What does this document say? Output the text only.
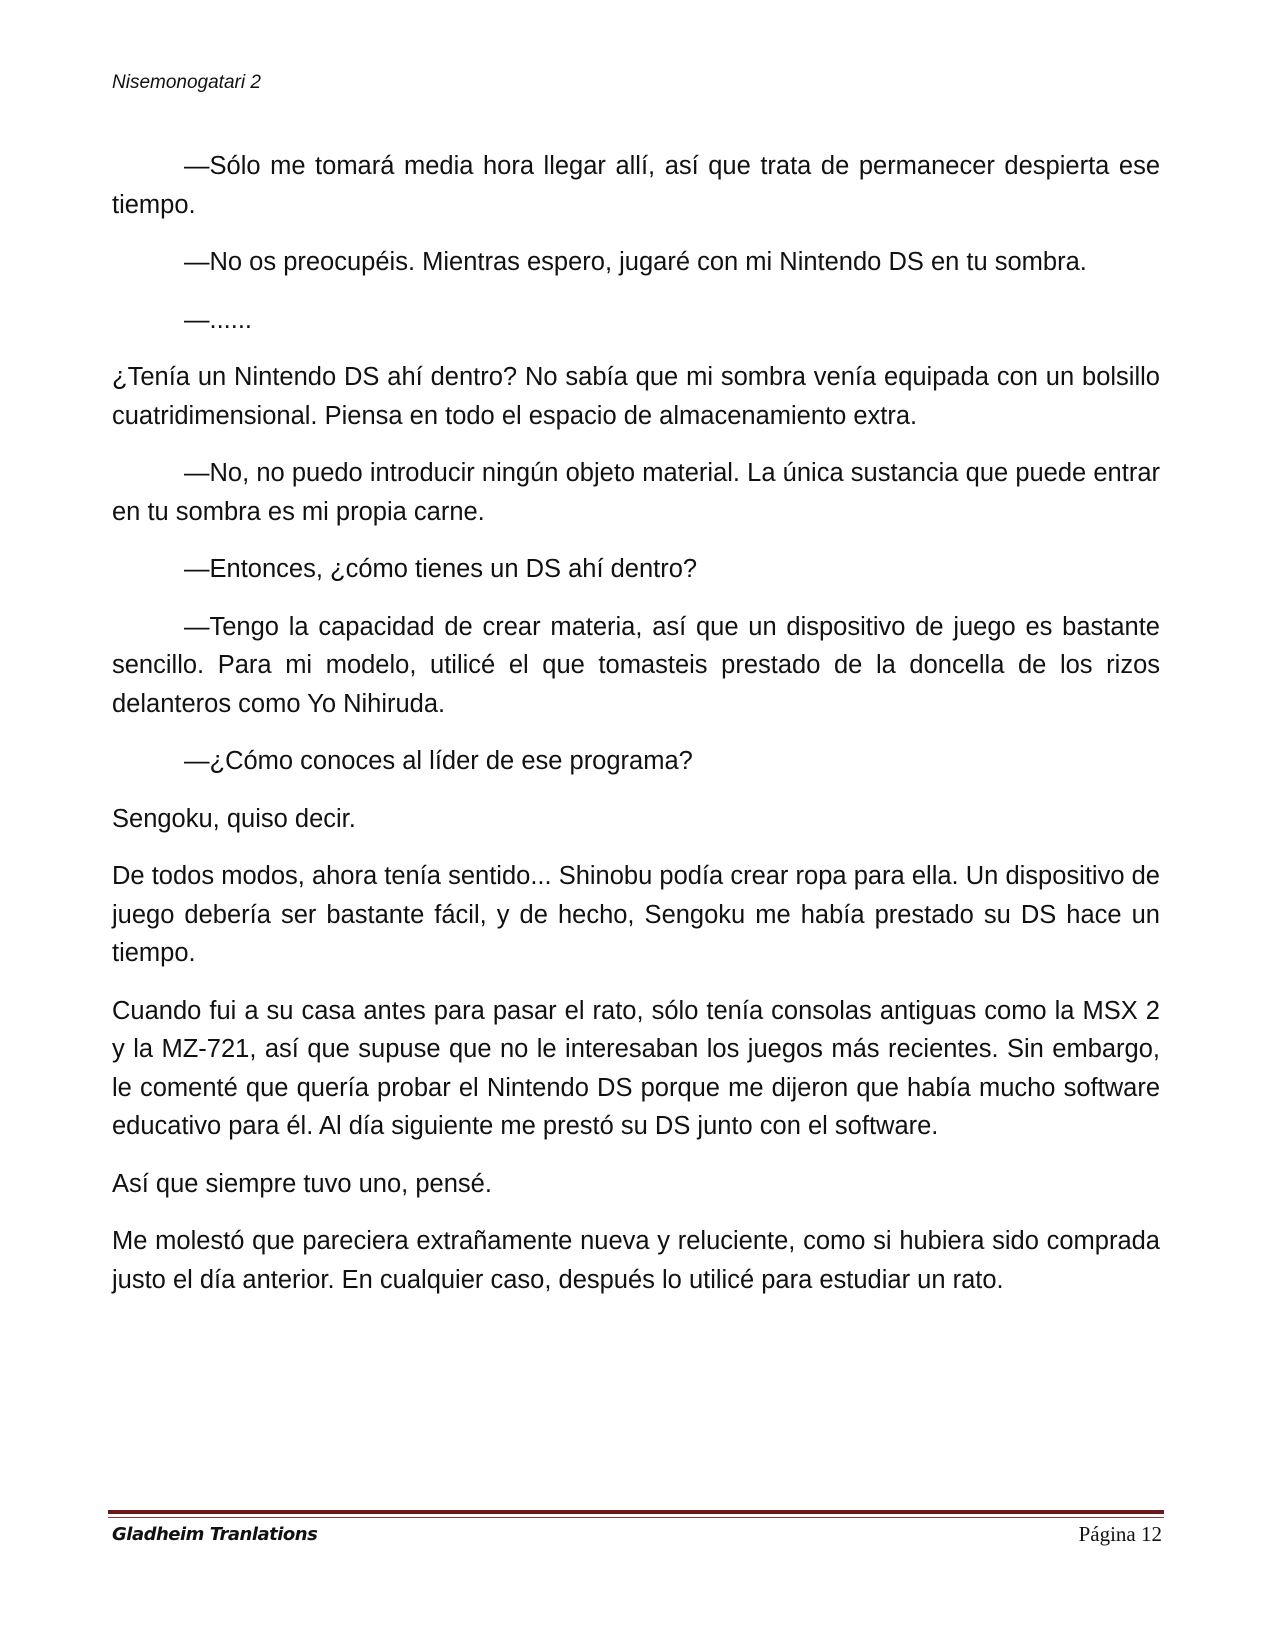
Nisemonogatari 2

—Sólo me tomará media hora llegar allí, así que trata de permanecer despierta ese tiempo.

—No os preocupéis. Mientras espero, jugaré con mi Nintendo DS en tu sombra.

—......

¿Tenía un Nintendo DS ahí dentro? No sabía que mi sombra venía equipada con un bolsillo cuatridimensional. Piensa en todo el espacio de almacenamiento extra.

—No, no puedo introducir ningún objeto material. La única sustancia que puede entrar en tu sombra es mi propia carne.

—Entonces, ¿cómo tienes un DS ahí dentro?

—Tengo la capacidad de crear materia, así que un dispositivo de juego es bastante sencillo. Para mi modelo, utilicé el que tomasteis prestado de la doncella de los rizos delanteros como Yo Nihiruda.

—¿Cómo conoces al líder de ese programa?

Sengoku, quiso decir.

De todos modos, ahora tenía sentido... Shinobu podía crear ropa para ella. Un dispositivo de juego debería ser bastante fácil, y de hecho, Sengoku me había prestado su DS hace un tiempo.

Cuando fui a su casa antes para pasar el rato, sólo tenía consolas antiguas como la MSX 2 y la MZ-721, así que supuse que no le interesaban los juegos más recientes. Sin embargo, le comenté que quería probar el Nintendo DS porque me dijeron que había mucho software educativo para él. Al día siguiente me prestó su DS junto con el software.

Así que siempre tuvo uno, pensé.

Me molestó que pareciera extrañamente nueva y reluciente, como si hubiera sido comprada justo el día anterior. En cualquier caso, después lo utilicé para estudiar un rato.

Gladheim Tranlations	Página 12
